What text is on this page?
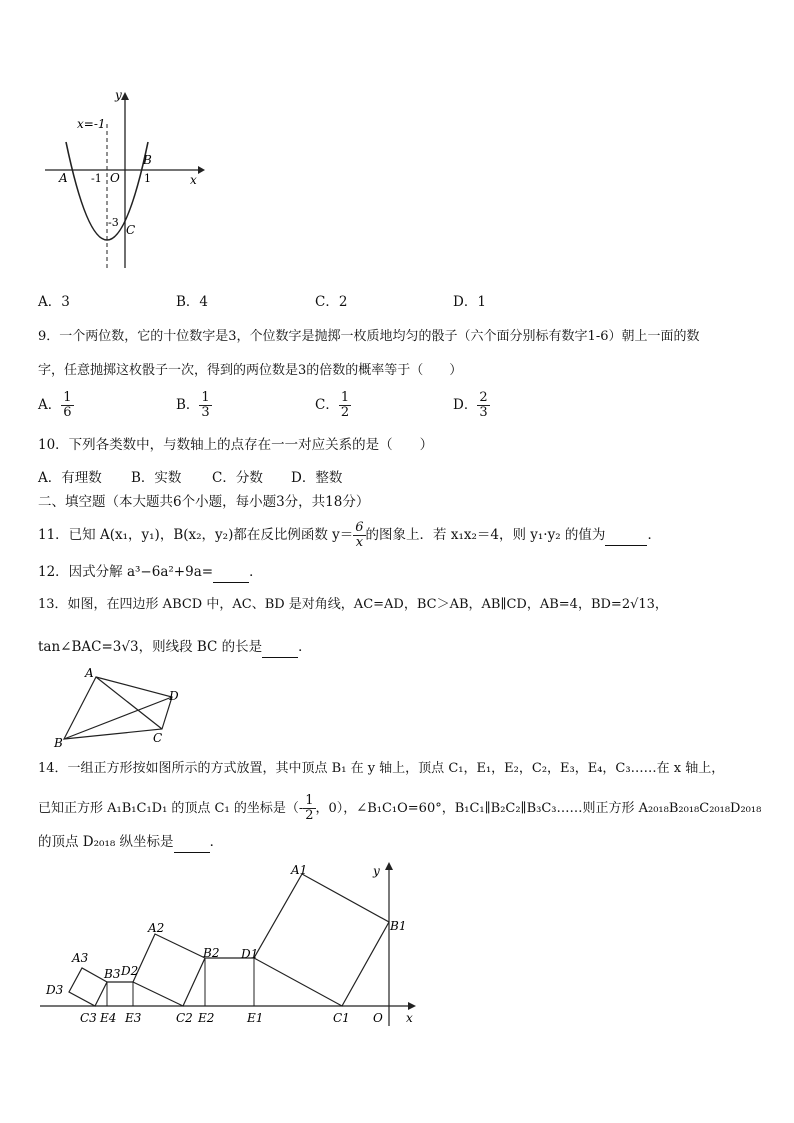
y
x
x=-1
A
B
C
O
-1	1
-3
A．3	B．4	C．2	D．1
9．一个两位数，它的十位数字是3，个位数字是抛掷一枚质地均匀的骰子（六个面分别标有数字1-6）朝上一面的数
字，任意抛掷这枚骰子一次，得到的两位数是3的倍数的概率等于（　　）
A． $\frac{1}{6}$	B． $\frac{1}{3}$	C． $\frac{1}{2}$	D． $\frac{2}{3}$
10．下列各类数中，与数轴上的点存在一一对应关系的是（　　）
A．有理数 B．实数 C．分数 D．整数
二、填空题（本大题共6个小题，每小题3分，共18分）
11．已知 A(x₁，y₁)，B(x₂，y₂)都在反比例函数 $y= \frac{6}{x}$ 的图象上．若 x₁x₂＝4，则 y₁·y₂ 的值为	．
12．因式分解 a³−6a²+9a=	．
13．如图，在四边形 ABCD 中，AC、BD 是对角线，AC=AD，BC＞AB，AB∥CD，AB=4，BD=2√13，
tan∠BAC=3√3，则线段 BC 的长是	．
A
B	C
D
14．一组正方形按如图所示的方式放置，其中顶点 B₁ 在 y 轴上，顶点 C₁，E₁，E₂，C₂，E₃，E₄，C₃……在 x 轴上，
已知正方形 A₁B₁C₁D₁ 的顶点 C₁ 的坐标是（- $\frac{1}{2}$ ，0），∠B₁C₁O=60°，B₁C₁∥B₂C₂∥B₃C₃……则正方形 A₂₀₁₈B₂₀₁₈C₂₀₁₈D₂₀₁₈
的顶点 D₂₀₁₈ 纵坐标是	．
A1
B1
C1
D1
E1
A2
B2
C2
D2
E2
A3
B3
C3
D3
E3
E4	O x
y
